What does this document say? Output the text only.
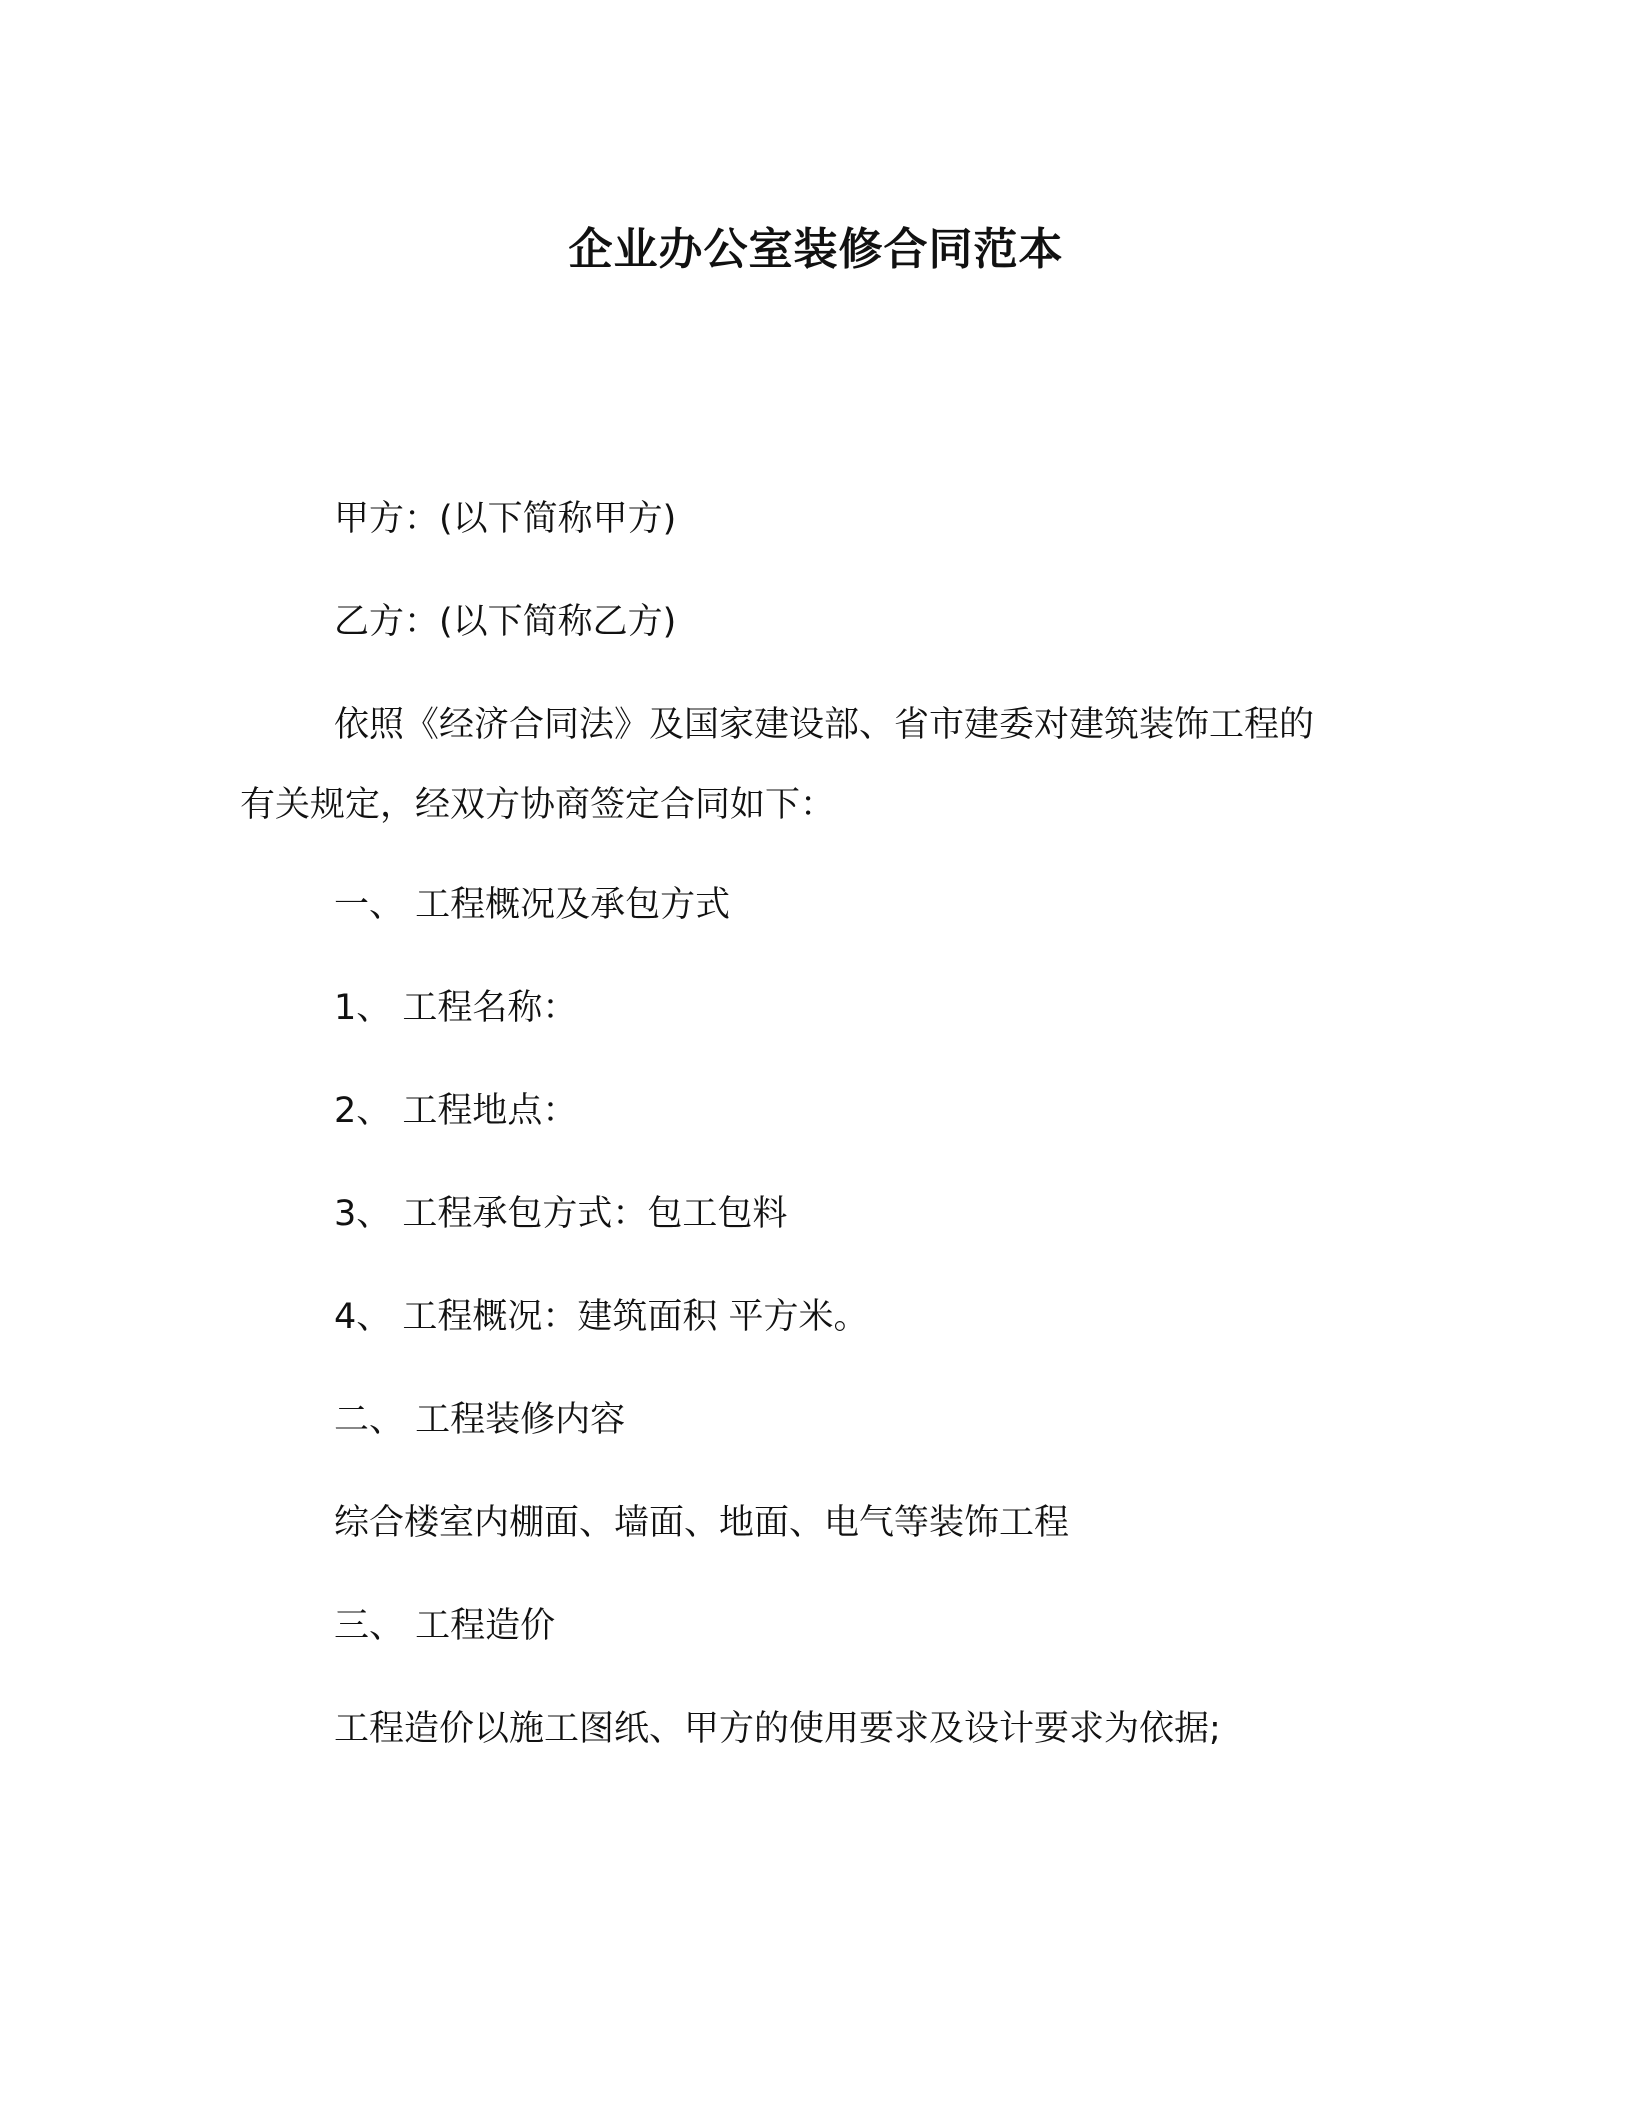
企业办公室装修合同范本

甲方：(以下简称甲方)

乙方：(以下简称乙方)

依照《经济合同法》及国家建设部、省市建委对建筑装饰工程的

有关规定，经双方协商签定合同如下：

一、 工程概况及承包方式

1、 工程名称：

2、 工程地点：

3、 工程承包方式：包工包料

4、 工程概况：建筑面积 平方米。

二、 工程装修内容

综合楼室内棚面、墙面、地面、电气等装饰工程

三、 工程造价

工程造价以施工图纸、甲方的使用要求及设计要求为依据;
